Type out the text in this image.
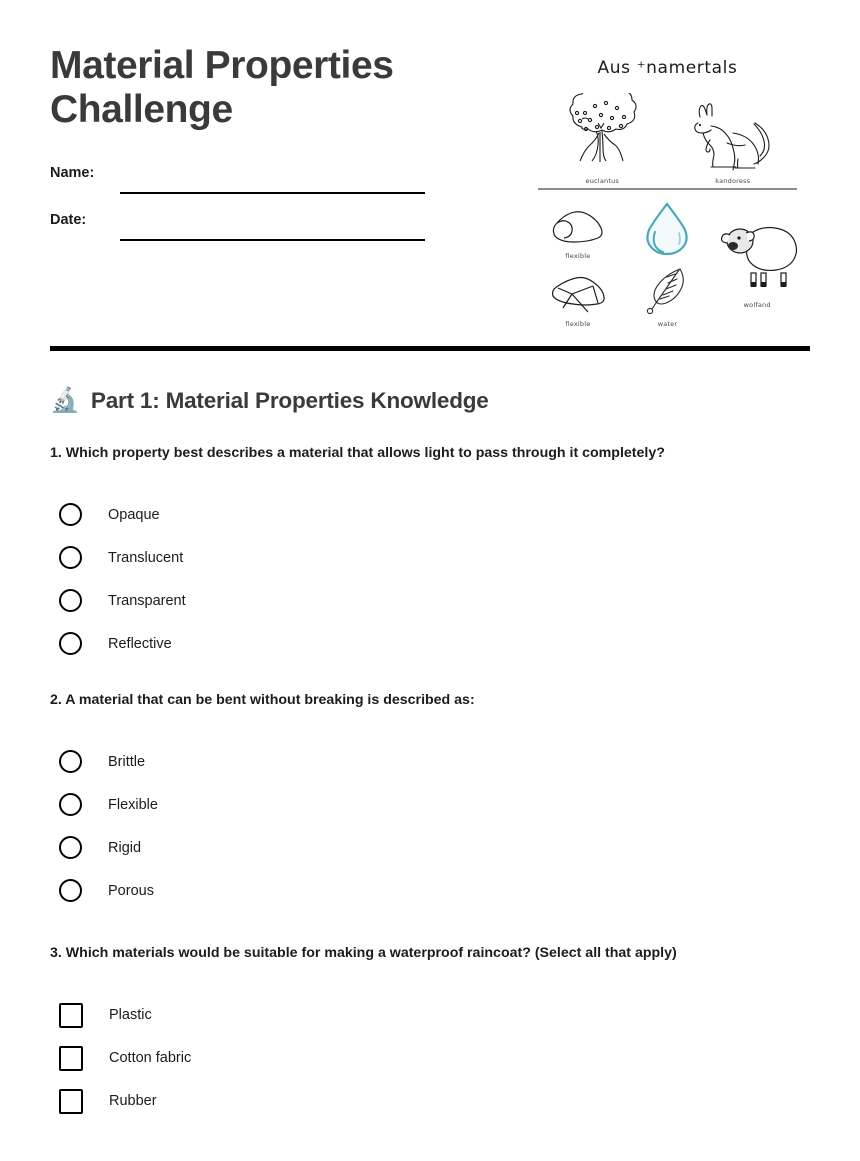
Material Properties Challenge
Name:
Date:
Aus ⁺namertals
euclantus	kandoress
flexible
wolfand
flexible	water
🔬 Part 1: Material Properties Knowledge
1. Which property best describes a material that allows light to pass through it completely?
Opaque
Translucent
Transparent
Reflective
2. A material that can be bent without breaking is described as:
Brittle
Flexible
Rigid
Porous
3. Which materials would be suitable for making a waterproof raincoat? (Select all that apply)
Plastic
Cotton fabric
Rubber
